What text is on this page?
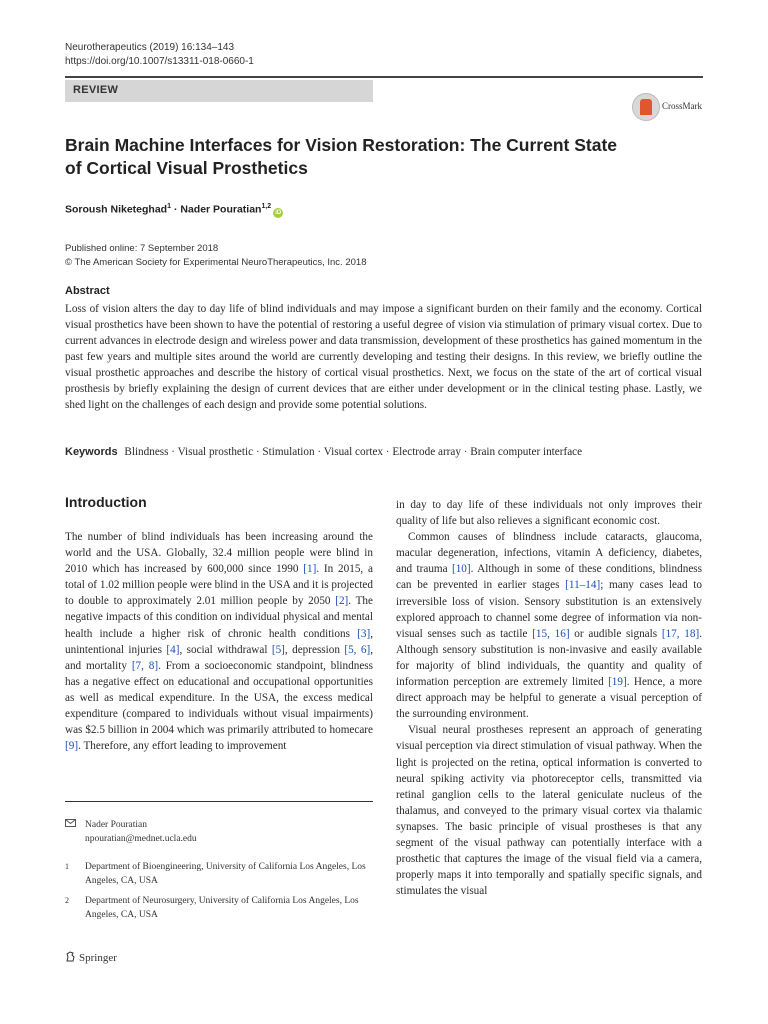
Neurotherapeutics (2019) 16:134–143
https://doi.org/10.1007/s13311-018-0660-1
REVIEW
CrossMark
Brain Machine Interfaces for Vision Restoration: The Current State of Cortical Visual Prosthetics
Soroush Niketeghad$^1$ · Nader Pouratian$^{1,2}$iD
Published online: 7 September 2018
© The American Society for Experimental NeuroTherapeutics, Inc. 2018
Abstract
Loss of vision alters the day to day life of blind individuals and may impose a significant burden on their family and the economy. Cortical visual prosthetics have been shown to have the potential of restoring a useful degree of vision via stimulation of primary visual cortex. Due to current advances in electrode design and wireless power and data transmission, development of these prosthetics has gained momentum in the past few years and multiple sites around the world are currently developing and testing their designs. In this review, we briefly outline the visual prosthetic approaches and describe the history of cortical visual prosthetics. Next, we focus on the state of the art of cortical visual prosthesis by briefly explaining the design of current devices that are either under development or in the clinical testing phase. Lastly, we shed light on the challenges of each design and provide some potential solutions.
Keywords Blindness · Visual prosthetic · Stimulation · Visual cortex · Electrode array · Brain computer interface
Introduction

The number of blind individuals has been increasing around the world and the USA. Globally, 32.4 million people were blind in 2010 which has increased by 600,000 since 1990 [1]. In 2015, a total of 1.02 million people were blind in the USA and it is projected to double to approximately 2.01 million people by 2050 [2]. The negative impacts of this condition on individual physical and mental health include a higher risk of chronic health conditions [3], unintentional injuries [4], social withdrawal [5], depression [5, 6], and mortality [7, 8]. From a socioeconomic standpoint, blindness has a negative effect on educational and occupational opportunities as well as medical expenditure. In the USA, the excess medical expenditure (compared to individuals without visual impairments) was $2.5 billion in 2004 which was primarily attributed to homecare [9]. Therefore, any effort leading to improvement

in day to day life of these individuals not only improves their quality of life but also relieves a significant economic cost.

Common causes of blindness include cataracts, glaucoma, macular degeneration, infections, vitamin A deficiency, diabetes, and trauma [10]. Although in some of these conditions, blindness can be prevented in earlier stages [11–14]; many cases lead to irreversible loss of vision. Sensory substitution is an extensively explored approach to channel some degree of information via non-visual senses such as tactile [15, 16] or audible signals [17, 18]. Although sensory substitution is non-invasive and easily available for majority of blind individuals, the quantity and quality of information perception are extremely limited [19]. Hence, a more direct approach may be helpful to generate a visual perception of the surrounding environment.

Visual neural prostheses represent an approach of generating visual perception via direct stimulation of visual pathway. When the light is projected on the retina, optical information is converted to neural spiking activity via photoreceptor cells, transmitted via retinal ganglion cells to the lateral geniculate nucleus of the thalamus, and conveyed to the primary visual cortex via thalamic synapses. The basic principle of visual prostheses is that any segment of the visual pathway can potentially interface with a prosthetic that captures the image of the visual field via a camera, properly maps it into temporally and spatially specific signals, and stimulates the visual

Nader Pouratian
npouratian@mednet.ucla.edu
1	Department of Bioengineering, University of California Los Angeles, Los Angeles, CA, USA
2	Department of Neurosurgery, University of California Los Angeles, Los Angeles, CA, USA
Springer
